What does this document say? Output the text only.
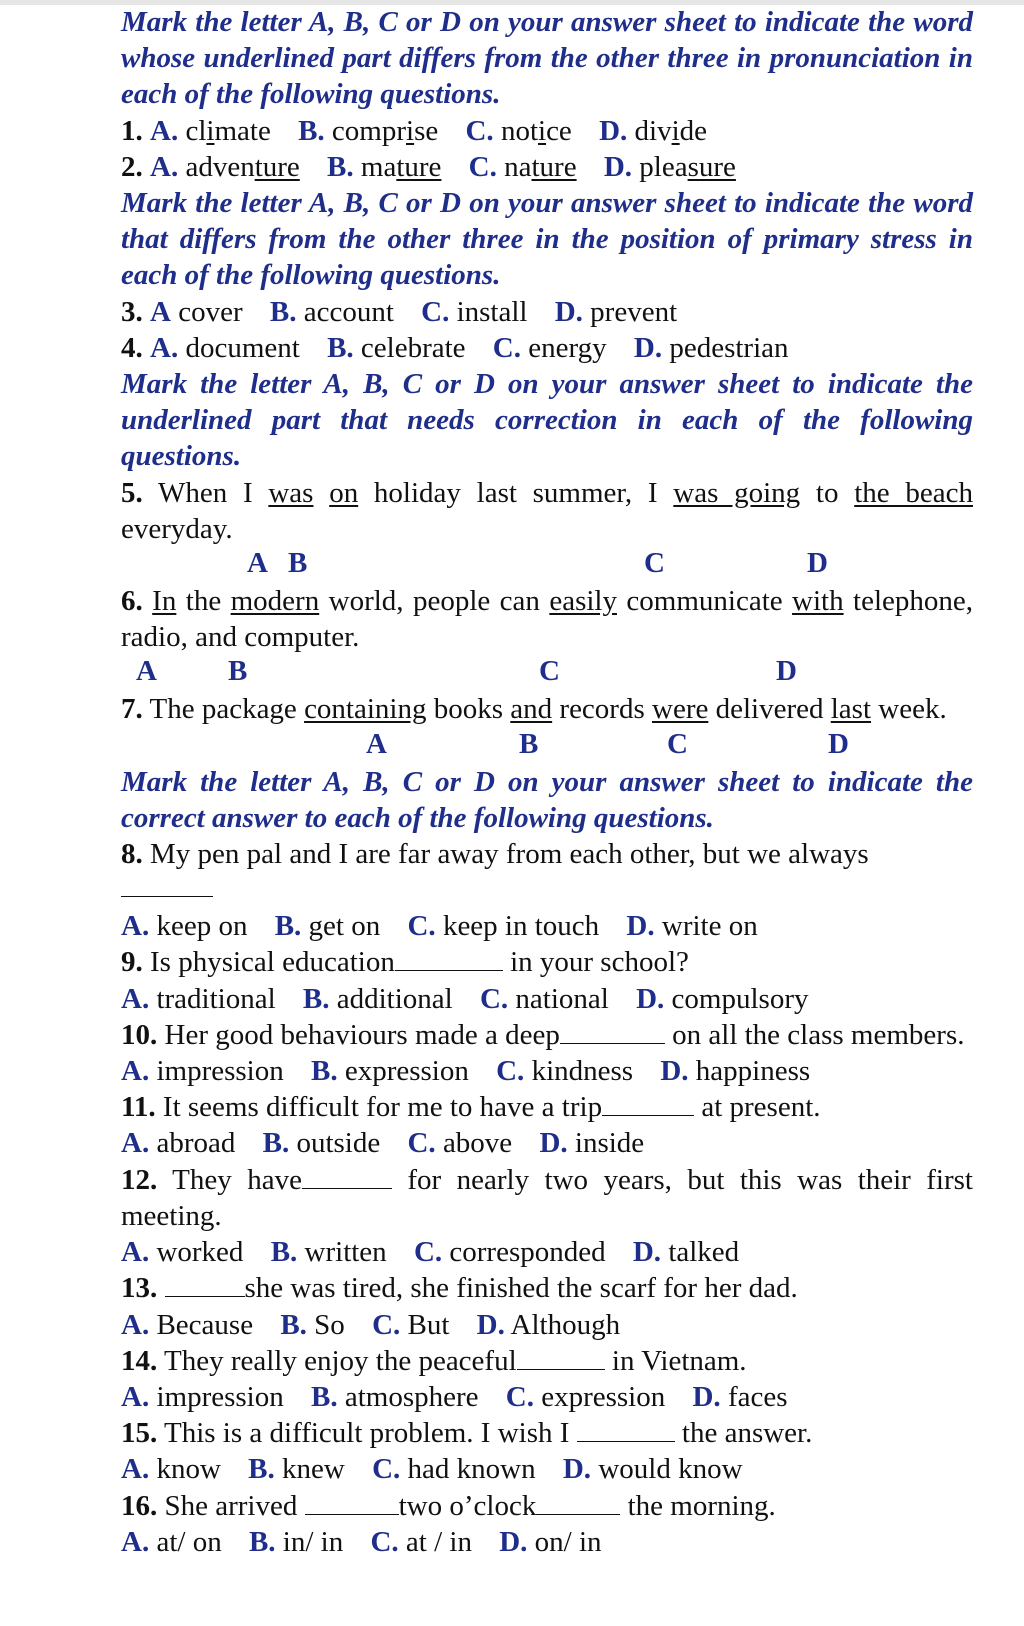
Mark the letter A, B, C or D on your answer sheet to indicate the word whose underlined part differs from the other three in pronunciation in each of the following questions.
1. A. climate B. comprise C. notice D. divide
2. A. adventure B. mature C. nature D. pleasure
Mark the letter A, B, C or D on your answer sheet to indicate the word that differs from the other three in the position of primary stress in each of the following questions.
3. A cover B. account C. install D. prevent
4. A. document B. celebrate C. energy D. pedestrian
Mark the letter A, B, C or D on your answer sheet to indicate the underlined part that needs correction in each of the following questions.
5. When I was on holiday last summer, I was going to the beach everyday.
A B	C	D
6. In the modern world, people can easily communicate with telephone, radio, and computer.
A B	C	D
7. The package containing books and records were delivered last week.
A	B	C	D
Mark the letter A, B, C or D on your answer sheet to indicate the correct answer to each of the following questions.
8. My pen pal and I are far away from each other, but we always
A. keep on B. get on C. keep in touch D. write on
9. Is physical education	in your school?
A. traditional B. additional C. national D. compulsory
10. Her good behaviours made a deep	on all the class members.
A. impression B. expression C. kindness D. happiness
11. It seems difficult for me to have a trip	at present.
A. abroad B. outside C. above D. inside
12. They have	for nearly two years, but this was their first meeting.
A. worked B. written C. corresponded D. talked
13.	she was tired, she finished the scarf for her dad.
A. Because B. So C. But D. Although
14. They really enjoy the peaceful	in Vietnam.
A. impression B. atmosphere C. expression D. faces
15. This is a difficult problem. I wish I	the answer.
A. know B. knew C. had known D. would know
16. She arrived	two o’clock	the morning.
A. at/ on B. in/ in C. at / in D. on/ in
